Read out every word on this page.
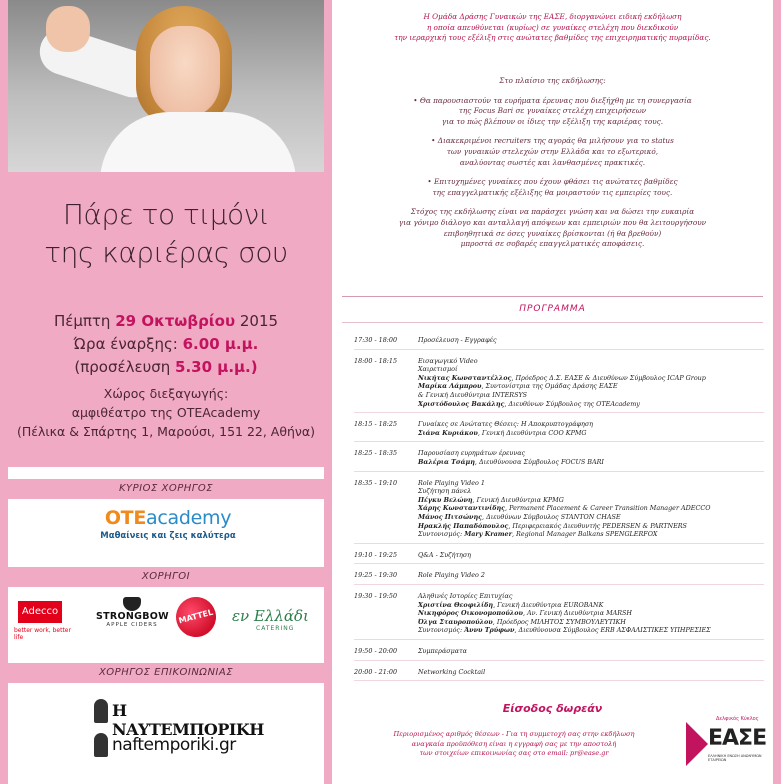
Πάρε το τιμόνι
της καριέρας σου
Πέμπτη 29 Οκτωβρίου 2015
Ώρα έναρξης: 6.00 μ.μ.
(προσέλευση 5.30 μ.μ.)
Χώρος διεξαγωγής:
αμφιθέατρο της OTEAcademy
(Πέλικα & Σπάρτης 1, Μαρούσι, 151 22, Αθήνα)
ΚΥΡΙΟΣ ΧΟΡΗΓΟΣ
OTEacademy
Μαθαίνεις και ζεις καλύτερα
ΧΟΡΗΓΟΙ
Adecco
better work, better life
STRONGBOW
APPLE CIDERS	MATTEL	εν Ελλάδι
CATERING
ΧΟΡΗΓΟΣ ΕΠΙΚΟΙΝΩΝΙΑΣ
Η ΝΑΥΤΕΜΠΟΡΙΚΗ
naftemporiki.gr
Η Ομάδα Δράσης Γυναικών της ΕΑΣΕ, διοργανώνει ειδική εκδήλωση
η οποία απευθύνεται (κυρίως) σε γυναίκες στελέχη που διεκδικούν
την ιεραρχική τους εξέλιξη στις ανώτατες βαθμίδες της επιχειρηματικής πυραμίδας.
Στο πλαίσιο της εκδήλωσης:
• Θα παρουσιαστούν τα ευρήματα έρευνας που διεξήχθη με τη συνεργασία
της Focus Bari σε γυναίκες στελέχη επιχειρήσεων
για το πώς βλέπουν οι ίδιες την εξέλιξη της καριέρας τους.
• Διακεκριμένοι recruiters της αγοράς θα μιλήσουν για το status
των γυναικών στελεχών στην Ελλάδα και το εξωτερικό,
αναλύοντας σωστές και λανθασμένες πρακτικές.
• Επιτυχημένες γυναίκες που έχουν φθάσει τις ανώτατες βαθμίδες
της επαγγελματικής εξέλιξης θα μοιραστούν τις εμπειρίες τους.
Στόχος της εκδήλωσης είναι να παράσχει γνώση και να δώσει την ευκαιρία
για γόνιμο διάλογο και ανταλλαγή απόψεων και εμπειριών που θα λειτουργήσουν
επιβοηθητικά σε όσες γυναίκες βρίσκονται (ή θα βρεθούν)
μπροστά σε σοβαρές επαγγελματικές αποφάσεις.
ΠΡΟΓΡΑΜΜΑ
17:30 - 18:00	Προσέλευση - Εγγραφές
18:00 - 18:15	Εισαγωγικό Video
Χαιρετισμοί
Νικήτας Κωνσταντέλλος, Πρόεδρος Δ.Σ. ΕΑΣΕ & Διευθύνων Σύμβουλος ICAP Group
Μαρίκα Λάμπρου, Συντονίστρια της Ομάδας Δράσης ΕΑΣΕ
& Γενική Διευθύντρια INTERSYS
Χριστόδουλος Βακάλης, Διευθύνων Σύμβουλος της OTEAcademy
18:15 - 18:25	Γυναίκες σε Ανώτατες Θέσεις: Η Αποκρυπτογράφηση
Σιάνα Κυριάκου, Γενική Διευθύντρια COO KPMG
18:25 - 18:35	Παρουσίαση ευρημάτων έρευνας
Βαλέρια Τσάμη, Διευθύνουσα Σύμβουλος FOCUS BARI
18:35 - 19:10	Role Playing Video 1
Συζήτηση πάνελ
Πέγκυ Βελώνη, Γενική Διευθύντρια KPMG
Χάρης Κωνσταντινίδης, Permanent Placement & Career Transition Manager ADECCO
Μάνος Πιτσώνης, Διευθύνων Σύμβουλος STANTON CHASE
Ηρακλής Παπαδόπουλος, Περιφερειακός Διευθυντής PEDERSEN & PARTNERS
Συντονισμός: Mary Kramer, Regional Manager Balkans SPENGLERFOX
19:10 - 19:25	Q&A - Συζήτηση
19:25 - 19:30	Role Playing Video 2
19:30 - 19:50	Αληθινές Ιστορίες Επιτυχίας
Χριστίνα Θεοφιλίδη, Γενική Διευθύντρια EUROBANK
Νικηφόρος Οικονομοπούλου, Αν. Γενική Διευθύντρια MARSH
Όλγα Σταυροπούλου, Πρόεδρος ΜΙΛΗΤΟΣ ΣΥΜΒΟΥΛΕΥΤΙΚΗ
Συντονισμός: Άννυ Τρύφων, Διευθύνουσα Σύμβουλος ERB ΑΣΦΑΛΙΣΤΙΚΕΣ ΥΠΗΡΕΣΙΕΣ
19:50 - 20:00	Συμπεράσματα
20:00 - 21:00	Networking Cocktail
Είσοδος δωρεάν
Περιορισμένος αριθμός θέσεων - Για τη συμμετοχή σας στην εκδήλωση
αναγκαία προϋπόθεση είναι η εγγραφή σας με την αποστολή
των στοιχείων επικοινωνίας σας στο email: pr@ease.gr
Δελφικός Κύκλος
ΕΑΣΕ
ΕΛΛΗΝΙΚΗ ΕΝΩΣΗ ΑΝΩΝΥΜΩΝ ΕΤΑΙΡΕΙΩΝ
